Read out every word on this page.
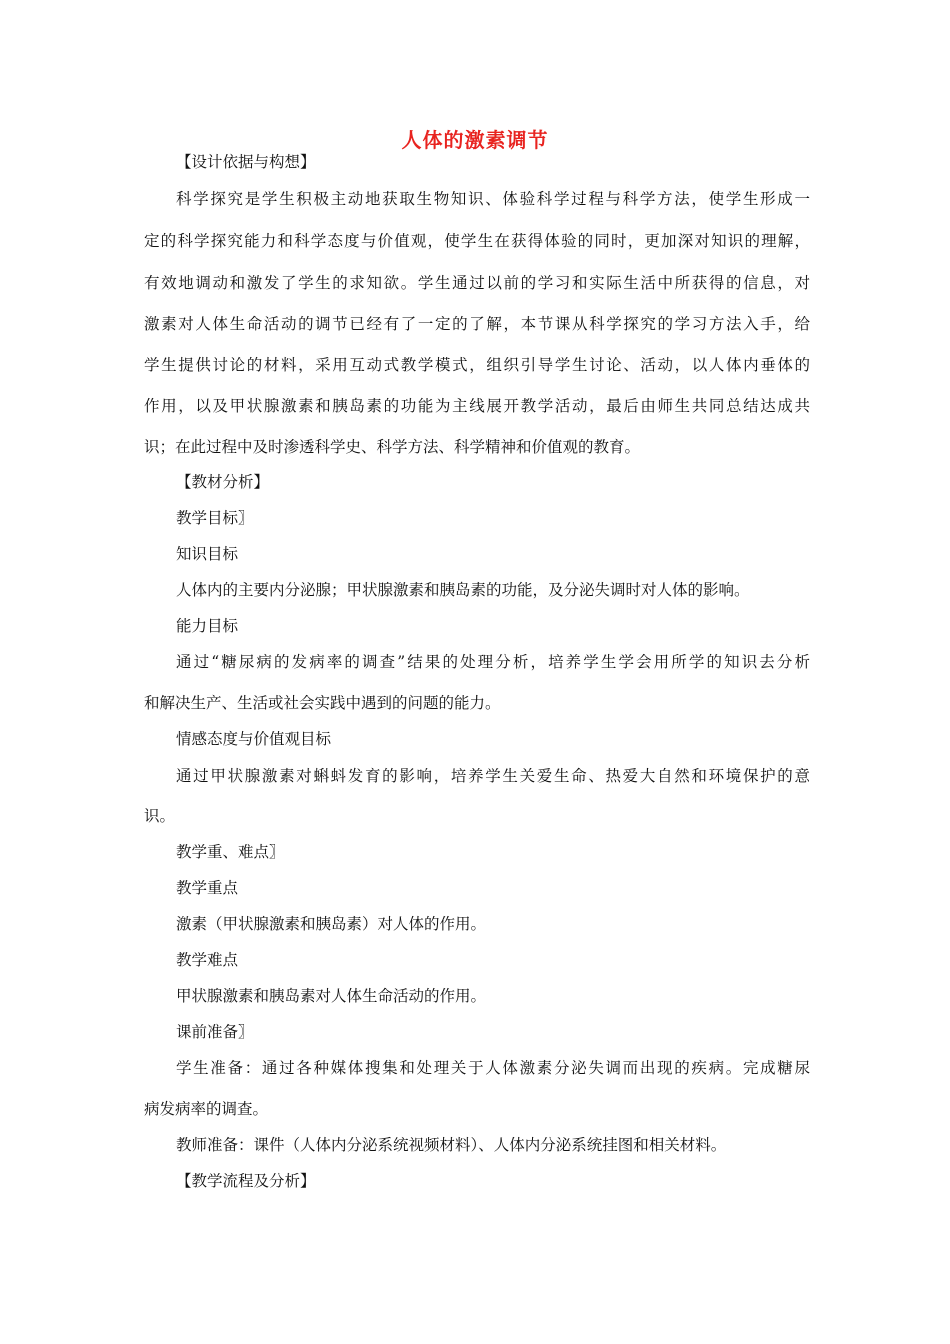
人体的激素调节
【设计依据与构想】
科学探究是学生积极主动地获取生物知识、体验科学过程与科学方法，使学生形成一
定的科学探究能力和科学态度与价值观，使学生在获得体验的同时，更加深对知识的理解，
有效地调动和激发了学生的求知欲。学生通过以前的学习和实际生活中所获得的信息，对
激素对人体生命活动的调节已经有了一定的了解，本节课从科学探究的学习方法入手，给
学生提供讨论的材料，采用互动式教学模式，组织引导学生讨论、活动，以人体内垂体的
作用，以及甲状腺激素和胰岛素的功能为主线展开教学活动，最后由师生共同总结达成共
识；在此过程中及时渗透科学史、科学方法、科学精神和价值观的教育。
【教材分析】
教学目标〗
知识目标
人体内的主要内分泌腺；甲状腺激素和胰岛素的功能，及分泌失调时对人体的影响。
能力目标
通过“糖尿病的发病率的调查”结果的处理分析，培养学生学会用所学的知识去分析
和解决生产、生活或社会实践中遇到的问题的能力。
情感态度与价值观目标
通过甲状腺激素对蝌蚪发育的影响，培养学生关爱生命、热爱大自然和环境保护的意
识。
教学重、难点〗
教学重点
激素（甲状腺激素和胰岛素）对人体的作用。
教学难点
甲状腺激素和胰岛素对人体生命活动的作用。
课前准备〗
学生准备：通过各种媒体搜集和处理关于人体激素分泌失调而出现的疾病。完成糖尿
病发病率的调查。
教师准备：课件（人体内分泌系统视频材料）、人体内分泌系统挂图和相关材料。
【教学流程及分析】
